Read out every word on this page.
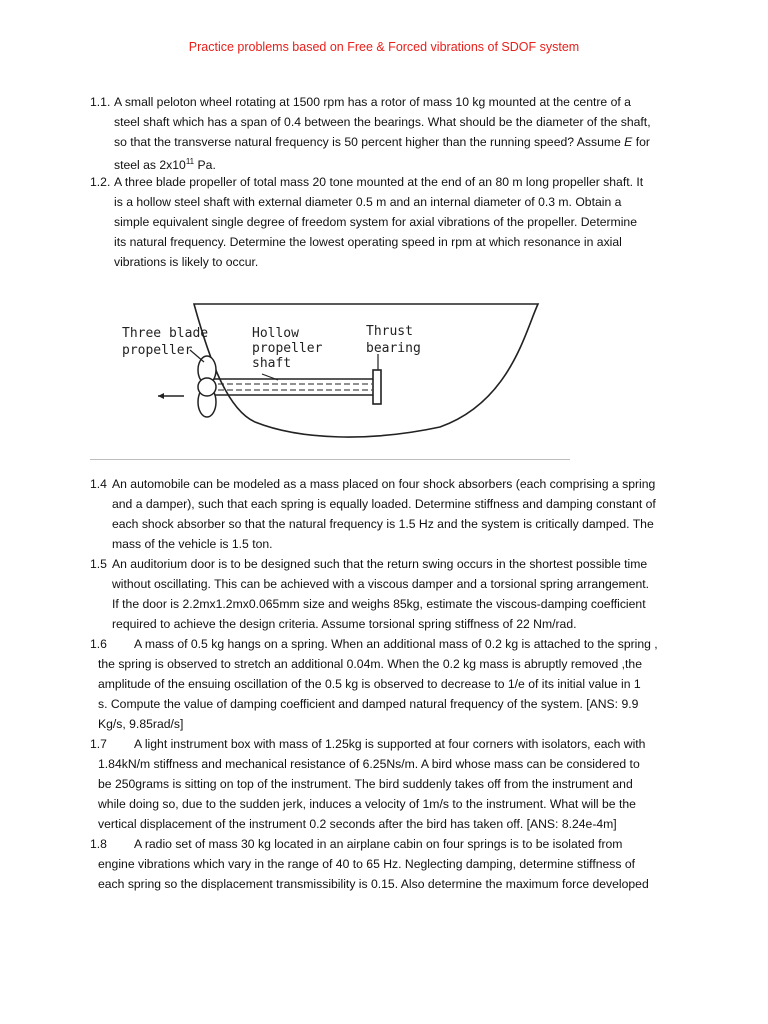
Practice problems based on Free & Forced vibrations of SDOF system
1.1. A small peloton wheel rotating at 1500 rpm has a rotor of mass 10 kg mounted at the centre of a
steel shaft which has a span of 0.4 between the bearings. What should be the diameter of the shaft,
so that the transverse natural frequency is 50 percent higher than the running speed? Assume E for
steel as $2x10^{11}$ Pa.
1.2. A three blade propeller of total mass 20 tone mounted at the end of an 80 m long propeller shaft. It
is a hollow steel shaft with external diameter 0.5 m and an internal diameter of 0.3 m. Obtain a
simple equivalent single degree of freedom system for axial vibrations of the propeller. Determine
its natural frequency. Determine the lowest operating speed in rpm at which resonance in axial
vibrations is likely to occur.
Three blade
propeller
Hollow
propeller
shaft
Thrust
bearing
1.4 An automobile can be modeled as a mass placed on four shock absorbers (each comprising a spring
and a damper), such that each spring is equally loaded. Determine stiffness and damping constant of
each shock absorber so that the natural frequency is 1.5 Hz and the system is critically damped. The
mass of the vehicle is 1.5 ton.
1.5 An auditorium door is to be designed such that the return swing occurs in the shortest possible time
without oscillating. This can be achieved with a viscous damper and a torsional spring arrangement.
If the door is 2.2mx1.2mx0.065mm size and weighs 85kg, estimate the viscous-damping coefficient
required to achieve the design criteria. Assume torsional spring stiffness of 22 Nm/rad.
1.6 A mass of 0.5 kg hangs on a spring. When an additional mass of 0.2 kg is attached to the spring ,
the spring is observed to stretch an additional 0.04m. When the 0.2 kg mass is abruptly removed ,the
amplitude of the ensuing oscillation of the 0.5 kg is observed to decrease to 1/e of its initial value in 1
s. Compute the value of damping coefficient and damped natural frequency of the system. [ANS: 9.9
Kg/s, 9.85rad/s]
1.7 A light instrument box with mass of 1.25kg is supported at four corners with isolators, each with
1.84kN/m stiffness and mechanical resistance of 6.25Ns/m. A bird whose mass can be considered to
be 250grams is sitting on top of the instrument. The bird suddenly takes off from the instrument and
while doing so, due to the sudden jerk, induces a velocity of 1m/s to the instrument. What will be the
vertical displacement of the instrument 0.2 seconds after the bird has taken off. [ANS: 8.24e-4m]
1.8 A radio set of mass 30 kg located in an airplane cabin on four springs is to be isolated from
engine vibrations which vary in the range of 40 to 65 Hz. Neglecting damping, determine stiffness of
each spring so the displacement transmissibility is 0.15. Also determine the maximum force developed
